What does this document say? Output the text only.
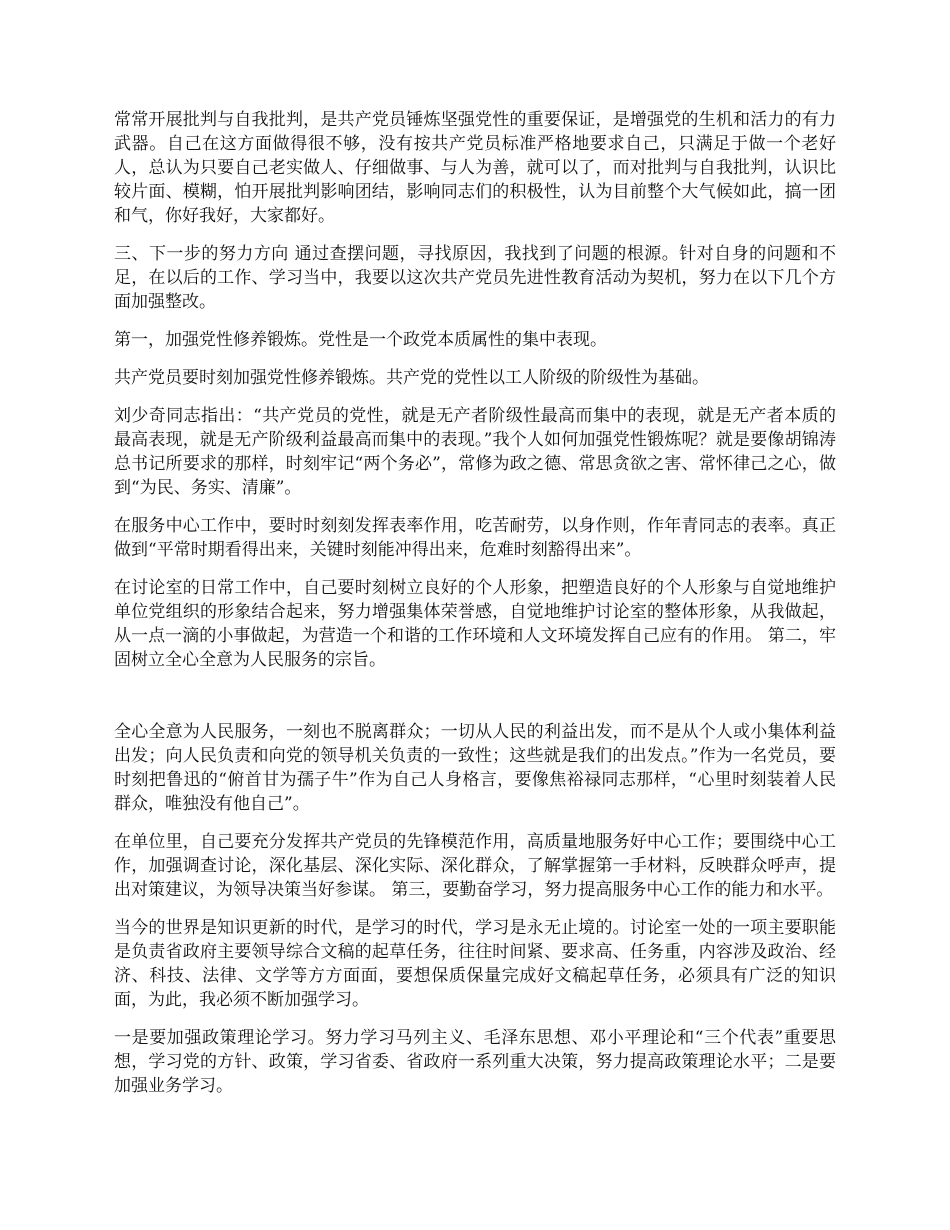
常常开展批判与自我批判，是共产党员锤炼坚强党性的重要保证，是增强党的生机和活力的有力武器。自己在这方面做得很不够，没有按共产党员标准严格地要求自己，只满足于做一个老好人，总认为只要自己老实做人、仔细做事、与人为善，就可以了，而对批判与自我批判，认识比较片面、模糊，怕开展批判影响团结，影响同志们的积极性，认为目前整个大气候如此，搞一团和气，你好我好，大家都好。

三、下一步的努力方向 通过查摆问题，寻找原因，我找到了问题的根源。针对自身的问题和不足，在以后的工作、学习当中，我要以这次共产党员先进性教育活动为契机，努力在以下几个方面加强整改。

第一，加强党性修养锻炼。党性是一个政党本质属性的集中表现。

共产党员要时刻加强党性修养锻炼。共产党的党性以工人阶级的阶级性为基础。

刘少奇同志指出：“共产党员的党性，就是无产者阶级性最高而集中的表现，就是无产者本质的最高表现，就是无产阶级利益最高而集中的表现。”我个人如何加强党性锻炼呢？就是要像胡锦涛总书记所要求的那样，时刻牢记“两个务必”，常修为政之德、常思贪欲之害、常怀律己之心，做到“为民、务实、清廉”。

在服务中心工作中，要时时刻刻发挥表率作用，吃苦耐劳，以身作则，作年青同志的表率。真正做到“平常时期看得出来，关键时刻能冲得出来，危难时刻豁得出来”。

在讨论室的日常工作中，自己要时刻树立良好的个人形象，把塑造良好的个人形象与自觉地维护单位党组织的形象结合起来，努力增强集体荣誉感，自觉地维护讨论室的整体形象，从我做起，从一点一滴的小事做起，为营造一个和谐的工作环境和人文环境发挥自己应有的作用。 第二，牢固树立全心全意为人民服务的宗旨。

全心全意为人民服务，一刻也不脱离群众；一切从人民的利益出发，而不是从个人或小集体利益出发；向人民负责和向党的领导机关负责的一致性；这些就是我们的出发点。”作为一名党员，要时刻把鲁迅的“俯首甘为孺子牛”作为自己人身格言，要像焦裕禄同志那样，“心里时刻装着人民群众，唯独没有他自己”。

在单位里，自己要充分发挥共产党员的先锋模范作用，高质量地服务好中心工作；要围绕中心工作，加强调查讨论，深化基层、深化实际、深化群众，了解掌握第一手材料，反映群众呼声，提出对策建议，为领导决策当好参谋。 第三，要勤奋学习，努力提高服务中心工作的能力和水平。

当今的世界是知识更新的时代，是学习的时代，学习是永无止境的。讨论室一处的一项主要职能是负责省政府主要领导综合文稿的起草任务，往往时间紧、要求高、任务重，内容涉及政治、经济、科技、法律、文学等方方面面，要想保质保量完成好文稿起草任务，必须具有广泛的知识面，为此，我必须不断加强学习。

一是要加强政策理论学习。努力学习马列主义、毛泽东思想、邓小平理论和“三个代表”重要思想，学习党的方针、政策，学习省委、省政府一系列重大决策，努力提高政策理论水平；二是要加强业务学习。
